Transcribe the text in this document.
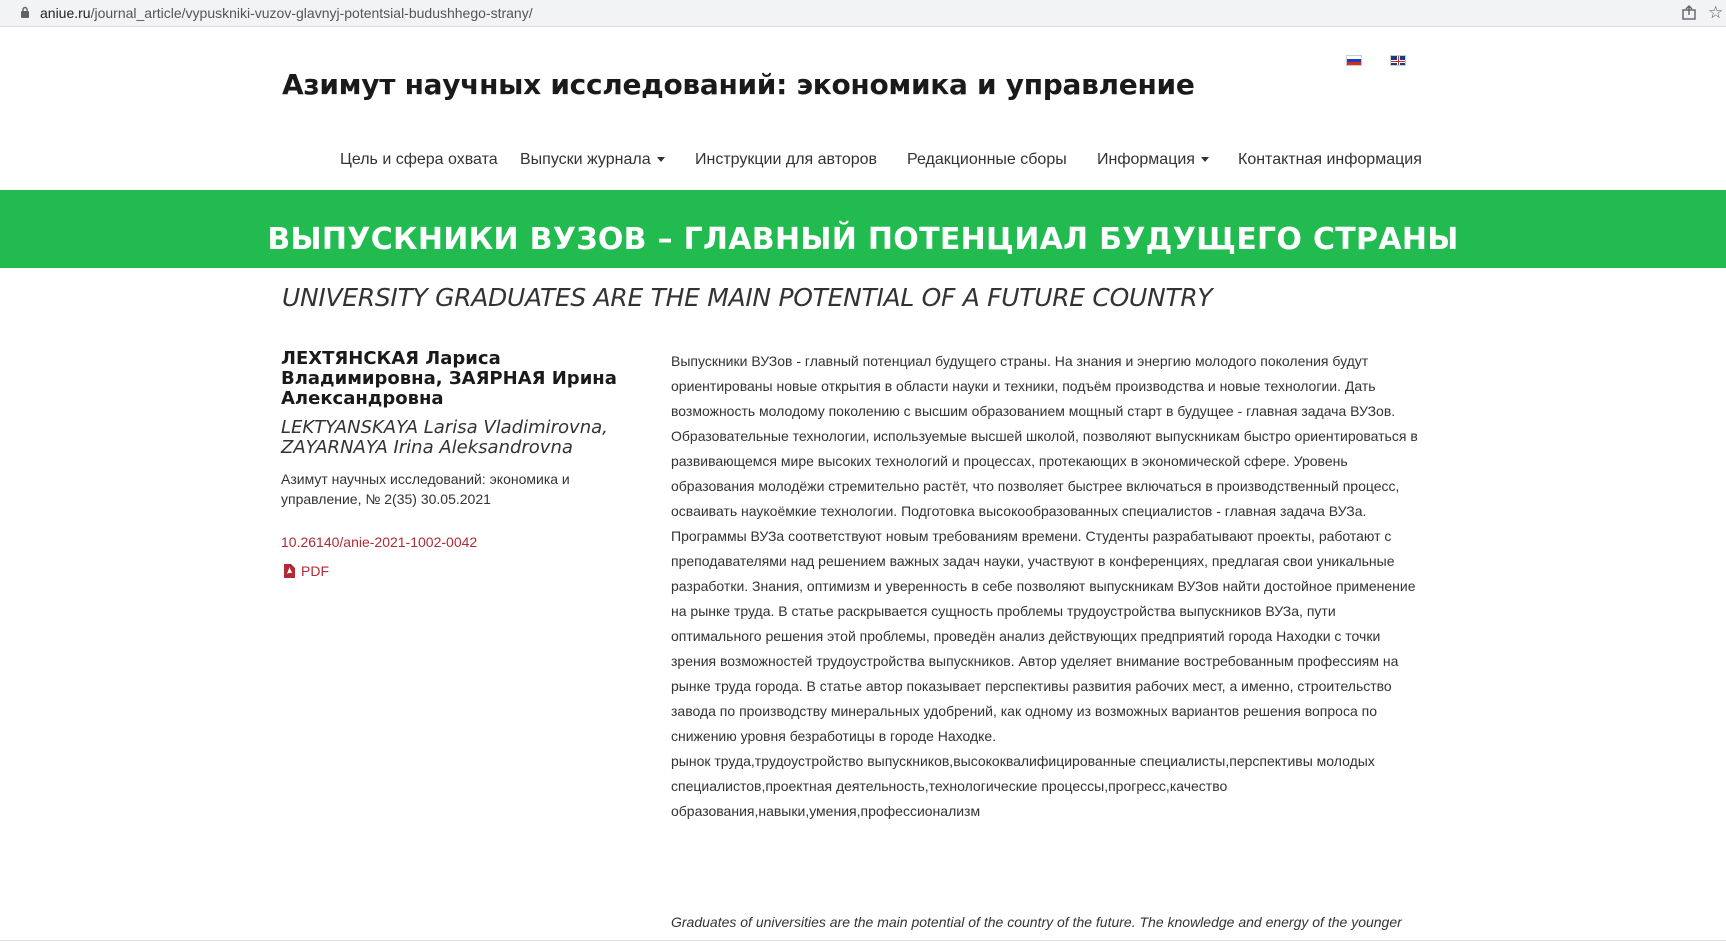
aniue.ru/journal_article/vypuskniki-vuzov-glavnyj-potentsial-budushhego-strany/	☆
Азимут научных исследований: экономика и управление
Цель и сфера охвата Выпуски журнала	Инструкции для авторов Редакционные сборы Информация	Контактная информация
ВЫПУСКНИКИ ВУЗОВ – ГЛАВНЫЙ ПОТЕНЦИАЛ БУДУЩЕГО СТРАНЫ
UNIVERSITY GRADUATES ARE THE MAIN POTENTIAL OF A FUTURE COUNTRY
ЛЕХТЯНСКАЯ Лариса Владимировна, ЗАЯРНАЯ Ирина Александровна
LEKTYANSKAYA Larisa Vladimirovna, ZAYARNAYA Irina Aleksandrovna
Азимут научных исследований: экономика и управление, № 2(35) 30.05.2021
10.26140/anie-2021-1002-0042
PDF

Выпускники ВУЗов - главный потенциал будущего страны. На знания и энергию молодого поколения будут ориентированы новые открытия в области науки и техники, подъём производства и новые технологии. Дать возможность молодому поколению с высшим образованием мощный старт в будущее - главная задача ВУЗов. Образовательные технологии, используемые высшей школой, позволяют выпускникам быстро ориентироваться в развивающемся мире высоких технологий и процессах, протекающих в экономической сфере. Уровень образования молодёжи стремительно растёт, что позволяет быстрее включаться в производственный процесс, осваивать наукоёмкие технологии. Подготовка высокообразованных специалистов - главная задача ВУЗа. Программы ВУЗа соответствуют новым требованиям времени. Студенты разрабатывают проекты, работают с преподавателями над решением важных задач науки, участвуют в конференциях, предлагая свои уникальные разработки. Знания, оптимизм и уверенность в себе позволяют выпускникам ВУЗов найти достойное применение на рынке труда. В статье раскрывается сущность проблемы трудоустройства выпускников ВУЗа, пути оптимального решения этой проблемы, проведён анализ действующих предприятий города Находки с точки зрения возможностей трудоустройства выпускников. Автор уделяет внимание востребованным профессиям на рынке труда города. В статье автор показывает перспективы развития рабочих мест, а именно, строительство завода по производству минеральных удобрений, как одному из возможных вариантов решения вопроса по снижению уровня безработицы в городе Находке.

рынок труда,трудоустройство выпускников,высококвалифицированные специалисты,перспективы молодых специалистов,проектная деятельность,технологические процессы,прогресс,качество образования,навыки,умения,профессионализм

Graduates of universities are the main potential of the country of the future. The knowledge and energy of the younger
